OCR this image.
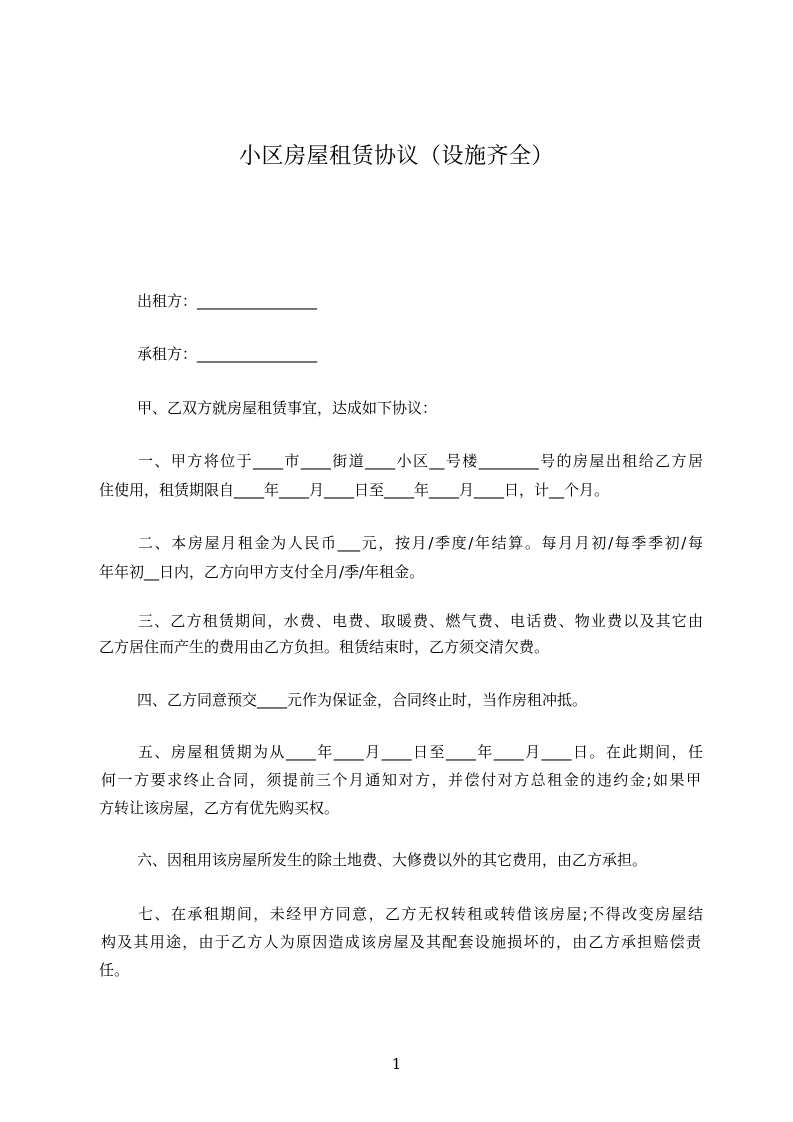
小区房屋租赁协议（设施齐全）
出租方：________________
承租方：________________
甲、乙双方就房屋租赁事宜，达成如下协议：
一、甲方将位于____市____街道____小区__号楼________号的房屋出租给乙方居
住使用，租赁期限自____年____月____日至____年____月____日，计__个月。
二、本房屋月租金为人民币___元，按月/季度/年结算。每月月初/每季季初/每
年年初__日内，乙方向甲方支付全月/季/年租金。
三、乙方租赁期间，水费、电费、取暖费、燃气费、电话费、物业费以及其它由
乙方居住而产生的费用由乙方负担。租赁结束时，乙方须交清欠费。
四、乙方同意预交____元作为保证金，合同终止时，当作房租冲抵。
五、房屋租赁期为从____年____月____日至____年____月____日。在此期间，任
何一方要求终止合同，须提前三个月通知对方，并偿付对方总租金的违约金;如果甲
方转让该房屋，乙方有优先购买权。
六、因租用该房屋所发生的除土地费、大修费以外的其它费用，由乙方承担。
七、在承租期间，未经甲方同意，乙方无权转租或转借该房屋;不得改变房屋结
构及其用途，由于乙方人为原因造成该房屋及其配套设施损坏的，由乙方承担赔偿责
任。
1
